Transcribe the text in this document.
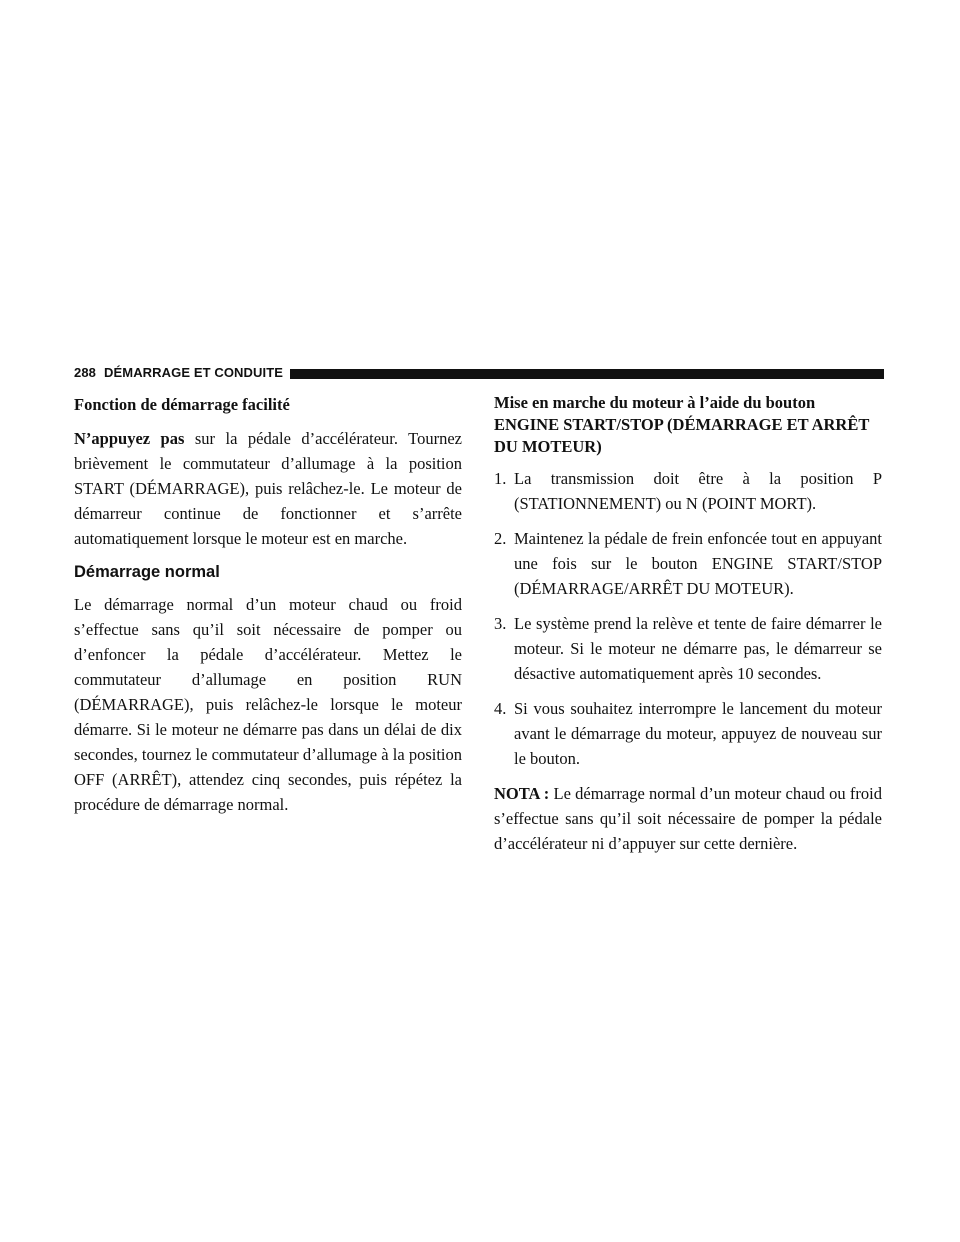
288 DÉMARRAGE ET CONDUITE

Fonction de démarrage facilité

N’appuyez pas sur la pédale d’accélérateur. Tournez brièvement le commutateur d’allumage à la position START (DÉMARRAGE), puis relâchez-le. Le moteur de démarreur continue de fonctionner et s’arrête automatiquement lorsque le moteur est en marche.

Démarrage normal

Le démarrage normal d’un moteur chaud ou froid s’effectue sans qu’il soit nécessaire de pomper ou d’enfoncer la pédale d’accélérateur. Mettez le commutateur d’allumage en position RUN (DÉMARRAGE), puis relâchez-le lorsque le moteur démarre. Si le moteur ne démarre pas dans un délai de dix secondes, tournez le commutateur d’allumage à la position OFF (ARRÊT), attendez cinq secondes, puis répétez la procédure de démarrage normal.

Mise en marche du moteur à l’aide du bouton ENGINE START/STOP (DÉMARRAGE ET ARRÊT DU MOTEUR)

1. La transmission doit être à la position P (STATIONNEMENT) ou N (POINT MORT).
2. Maintenez la pédale de frein enfoncée tout en appuyant une fois sur le bouton ENGINE START/STOP (DÉMARRAGE/ARRÊT DU MOTEUR).
3. Le système prend la relève et tente de faire démarrer le moteur. Si le moteur ne démarre pas, le démarreur se désactive automatiquement après 10 secondes.
4. Si vous souhaitez interrompre le lancement du moteur avant le démarrage du moteur, appuyez de nouveau sur le bouton.

NOTA : Le démarrage normal d’un moteur chaud ou froid s’effectue sans qu’il soit nécessaire de pomper la pédale d’accélérateur ni d’appuyer sur cette dernière.
